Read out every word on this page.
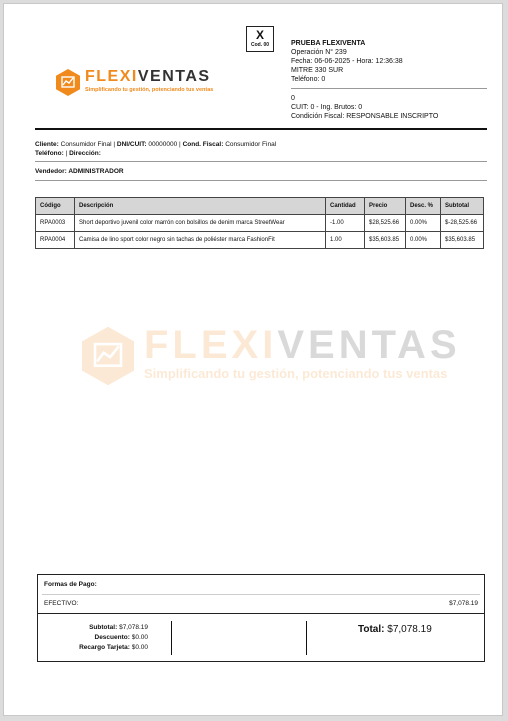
X
Cod. 00
FLEXIVENTAS
Simplificando tu gestión, potenciando tus ventas
PRUEBA FLEXIVENTA
Operación N° 239
Fecha: 06-06-2025 - Hora: 12:36:38
MITRE 330 SUR
Teléfono: 0
0
CUIT: 0 - Ing. Brutos: 0
Condición Fiscal: RESPONSABLE INSCRIPTO
Cliente: Consumidor Final | DNI/CUIT: 00000000 | Cond. Fiscal: Consumidor Final
Teléfono: | Dirección:
Vendedor: ADMINISTRADOR
Código	Descripción	Cantidad	Precio	Desc. %	Subtotal
RPA0003	Short deportivo juvenil color marrón con bolsillos de denim marca StreetWear	-1.00	$28,525.66	0.00%	$-28,525.66
RPA0004	Camisa de lino sport color negro sin tachas de poliéster marca FashionFit	1.00	$35,603.85	0.00%	$35,603.85
FLEXIVENTAS
Simplificando tu gestión, potenciando tus ventas
Formas de Pago:
EFECTIVO:	$7,078.19
Subtotal: $7,078.19
Descuento: $0.00
Recargo Tarjeta: $0.00
Total: $7,078.19
